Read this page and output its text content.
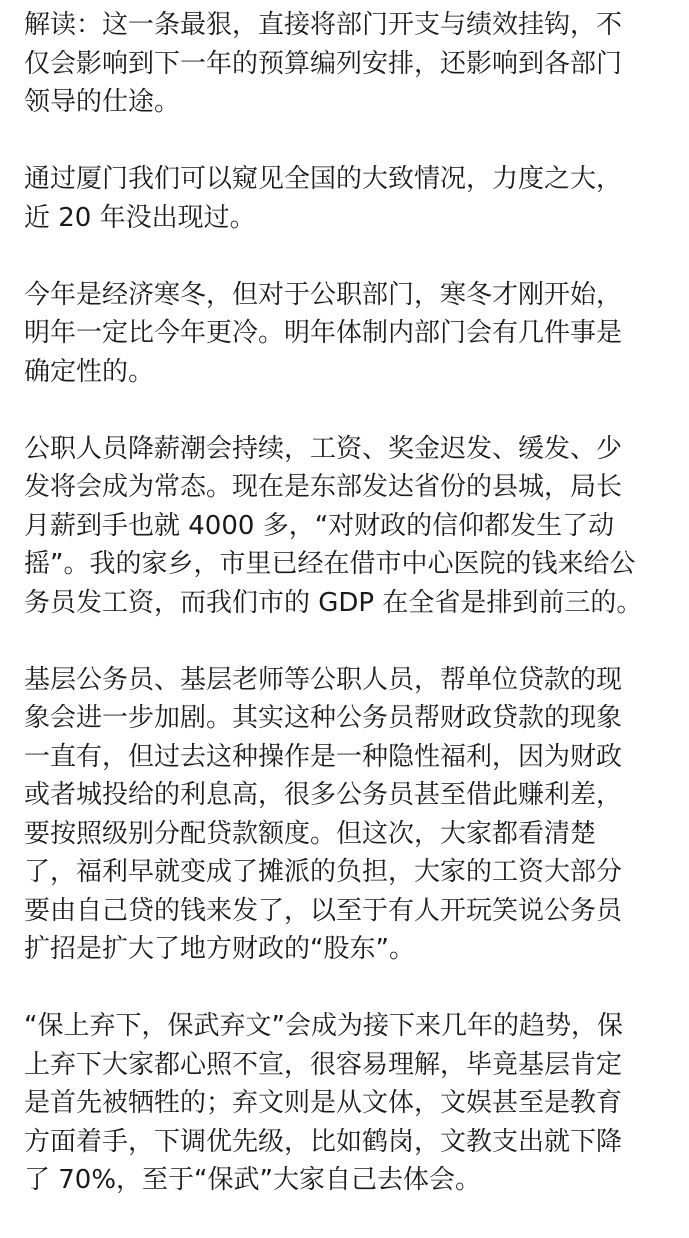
解读：这一条最狠，直接将部门开支与绩效挂钩，不
仅会影响到下一年的预算编列安排，还影响到各部门
领导的仕途。
通过厦门我们可以窥见全国的大致情况，力度之大，
近 20 年没出现过。
今年是经济寒冬，但对于公职部门，寒冬才刚开始，
明年一定比今年更冷。明年体制内部门会有几件事是
确定性的。
公职人员降薪潮会持续，工资、奖金迟发、缓发、少
发将会成为常态。现在是东部发达省份的县城，局长
月薪到手也就 4000 多，“对财政的信仰都发生了动
摇”。我的家乡，市里已经在借市中心医院的钱来给公
务员发工资，而我们市的 GDP 在全省是排到前三的。
基层公务员、基层老师等公职人员，帮单位贷款的现
象会进一步加剧。其实这种公务员帮财政贷款的现象
一直有，但过去这种操作是一种隐性福利，因为财政
或者城投给的利息高，很多公务员甚至借此赚利差，
要按照级别分配贷款额度。但这次，大家都看清楚
了，福利早就变成了摊派的负担，大家的工资大部分
要由自己贷的钱来发了，以至于有人开玩笑说公务员
扩招是扩大了地方财政的“股东”。
“保上弃下，保武弃文”会成为接下来几年的趋势，保
上弃下大家都心照不宣，很容易理解，毕竟基层肯定
是首先被牺牲的；弃文则是从文体，文娱甚至是教育
方面着手，下调优先级，比如鹤岗，文教支出就下降
了 70%，至于“保武”大家自己去体会。
